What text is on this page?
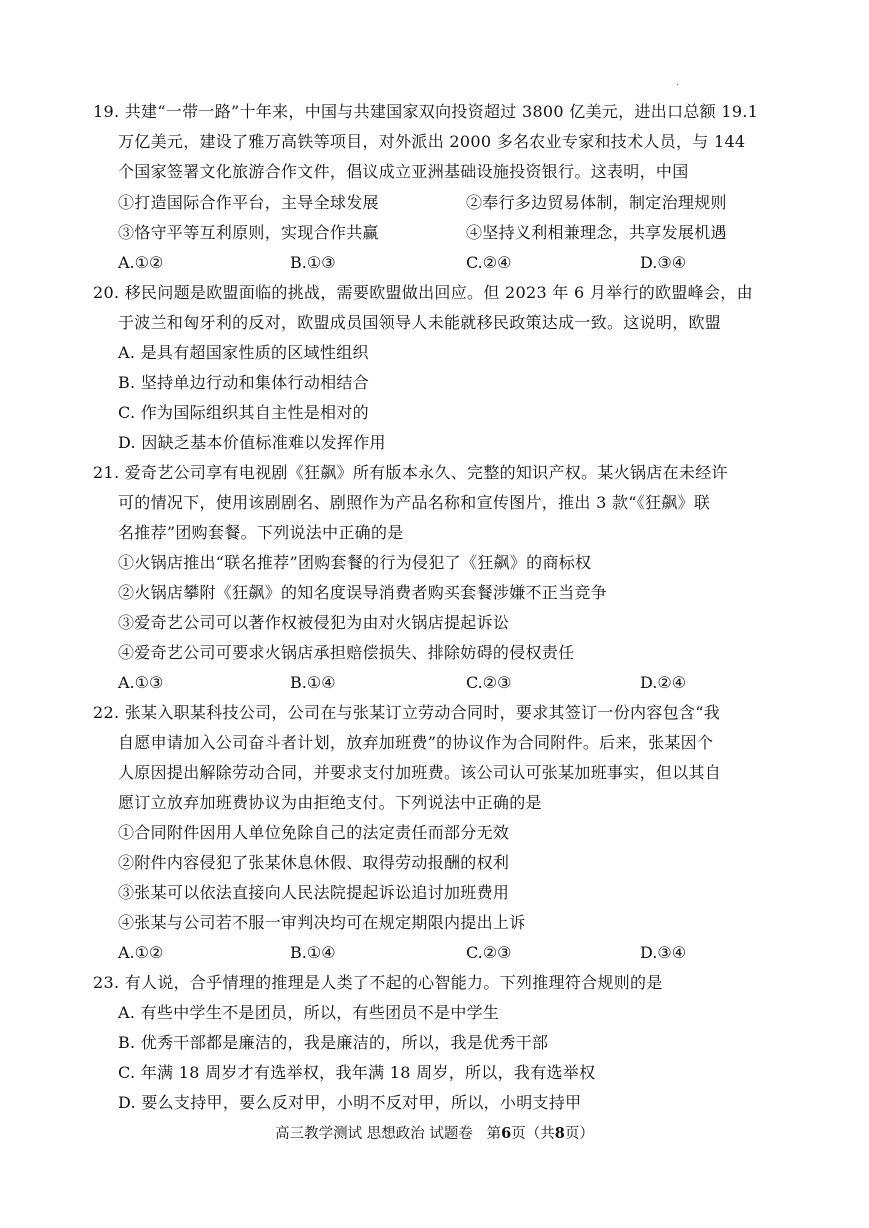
·
19. 共建“一带一路”十年来，中国与共建国家双向投资超过 3800 亿美元，进出口总额 19.1
万亿美元，建设了雅万高铁等项目，对外派出 2000 多名农业专家和技术人员，与 144
个国家签署文化旅游合作文件，倡议成立亚洲基础设施投资银行。这表明，中国
①打造国际合作平台，主导全球发展	②奉行多边贸易体制，制定治理规则
③恪守平等互利原则，实现合作共赢	④坚持义利相兼理念，共享发展机遇
A.①②	B.①③	C.②④	D.③④
20. 移民问题是欧盟面临的挑战，需要欧盟做出回应。但 2023 年 6 月举行的欧盟峰会，由
于波兰和匈牙利的反对，欧盟成员国领导人未能就移民政策达成一致。这说明，欧盟
A. 是具有超国家性质的区域性组织
B. 坚持单边行动和集体行动相结合
C. 作为国际组织其自主性是相对的
D. 因缺乏基本价值标准难以发挥作用
21. 爱奇艺公司享有电视剧《狂飙》所有版本永久、完整的知识产权。某火锅店在未经许
可的情况下，使用该剧剧名、剧照作为产品名称和宣传图片，推出 3 款“《狂飙》联
名推荐”团购套餐。下列说法中正确的是
①火锅店推出“联名推荐”团购套餐的行为侵犯了《狂飙》的商标权
②火锅店攀附《狂飙》的知名度误导消费者购买套餐涉嫌不正当竞争
③爱奇艺公司可以著作权被侵犯为由对火锅店提起诉讼
④爱奇艺公司可要求火锅店承担赔偿损失、排除妨碍的侵权责任
A.①③	B.①④	C.②③	D.②④
22. 张某入职某科技公司，公司在与张某订立劳动合同时，要求其签订一份内容包含“我
自愿申请加入公司奋斗者计划，放弃加班费”的协议作为合同附件。后来，张某因个
人原因提出解除劳动合同，并要求支付加班费。该公司认可张某加班事实，但以其自
愿订立放弃加班费协议为由拒绝支付。下列说法中正确的是
①合同附件因用人单位免除自己的法定责任而部分无效
②附件内容侵犯了张某休息休假、取得劳动报酬的权利
③张某可以依法直接向人民法院提起诉讼追讨加班费用
④张某与公司若不服一审判决均可在规定期限内提出上诉
A.①②	B.①④	C.②③	D.③④
23. 有人说，合乎情理的推理是人类了不起的心智能力。下列推理符合规则的是
A. 有些中学生不是团员，所以，有些团员不是中学生
B. 优秀干部都是廉洁的，我是廉洁的，所以，我是优秀干部
C. 年满 18 周岁才有选举权，我年满 18 周岁，所以，我有选举权
D. 要么支持甲，要么反对甲，小明不反对甲，所以，小明支持甲
高三教学测试 思想政治 试题卷 第6页（共8页）
